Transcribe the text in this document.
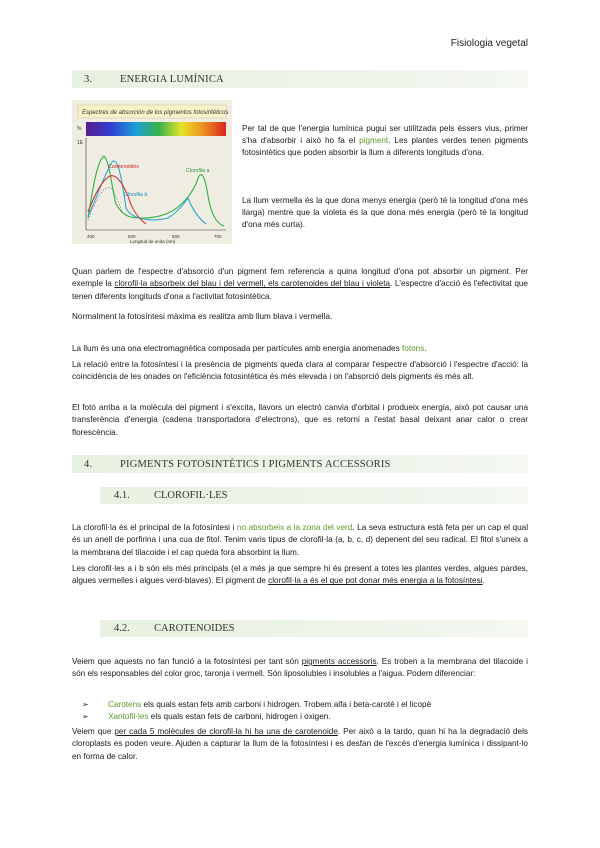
Fisiologia vegetal
3.	ENERGIA LUMÍNICA
Espectres de absorción de los pigmentos fotosintéticos
%
1E
Carotenoides
Clorofila b
Clorofila a
400	500	600	700
Longitud de onda (nm)
Per tal de que l'energia lumínica pugui ser utilitzada pels éssers vius, primer s'ha d'absorbir i això ho fa el pigment. Les plantes verdes tenen pigments fotosintètics que poden absorbir la llum a diferents longituds d'ona.
La llum vermella és la que dona menys energia (però té la longitud d'ona més llarga) mentre que la violeta és la que dona més energia (però té la longitud d'ona més curta).
Quan parlem de l'espectre d'absorció d'un pigment fem referencia a quina longitud d'ona pot absorbir un pigment. Per exemple la clorofil·la absorbeix del blau i del vermell, els carotenoides del blau i violeta. L'espectre d'acció és l'efectivitat que tenen diferents longituds d'ona a l'activitat fotosintètica.
Normalment la fotosíntesi màxima es realitza amb llum blava i vermella.
La llum és una ona electromagnètica composada per partícules amb energia anomenades fotons.
La relació entre la fotosíntesi i la presència de pigments queda clara al comparar l'espectre d'absorció i l'espectre d'acció: la coincidència de les onades on l'eficiència fotosintètica és més elevada i on l'absorció dels pigments és més alt.
El fotó arriba a la molècula del pigment i s'excita, llavors un electró canvia d'orbital i produeix energia, això pot causar una transferència d'energia (cadena transportadora d'electrons), que es retorni a l'estat basal deixant anar calor o crear florescència.
4.	PIGMENTS FOTOSINTÈTICS I PIGMENTS ACCESSORIS
4.1.	CLOROFIL·LES
La clorofil·la és el principal de la fotosíntesi i no absorbeix a la zona del verd. La seva estructura està feta per un cap el qual és un anell de porfirina i una cua de fitol. Tenim varis tipus de clorofil·la (a, b, c, d) depenent del seu radical. El fitol s'uneix a la membrana del tilacoide i el cap queda fora absorbint la llum.
Les clorofil·les a i b són els més principals (el a més ja que sempre hi és present a totes les plantes verdes, algues pardes, algues vermelles i algues verd-blaves). El pigment de clorofil·la a és el que pot donar més energia a la fotosíntesi.
4.2.	CAROTENOIDES
Veiem que aquests no fan funció a la fotosíntesi per tant són pigments accessoris. Es troben a la membrana del tilacoide i són els responsables del color groc, taronja i vermell. Són liposolubles i insolubles a l'aigua. Podem diferenciar:
➢ Carotens els quals estan fets amb carboni i hidrogen. Trobem alfa i beta-carotè i el licopè
➢ Xantofil·les els quals estan fets de carboni, hidrogen i oxigen.
Veiem que per cada 5 molècules de clorofil·la hi ha una de carotenoide. Per això a la tardo, quan hi ha la degradació dels cloroplasts es poden veure. Ajuden a capturar la llum de la fotosíntesi i es desfan de l'excés d'energia lumínica i dissipant-lo en forma de calor.
